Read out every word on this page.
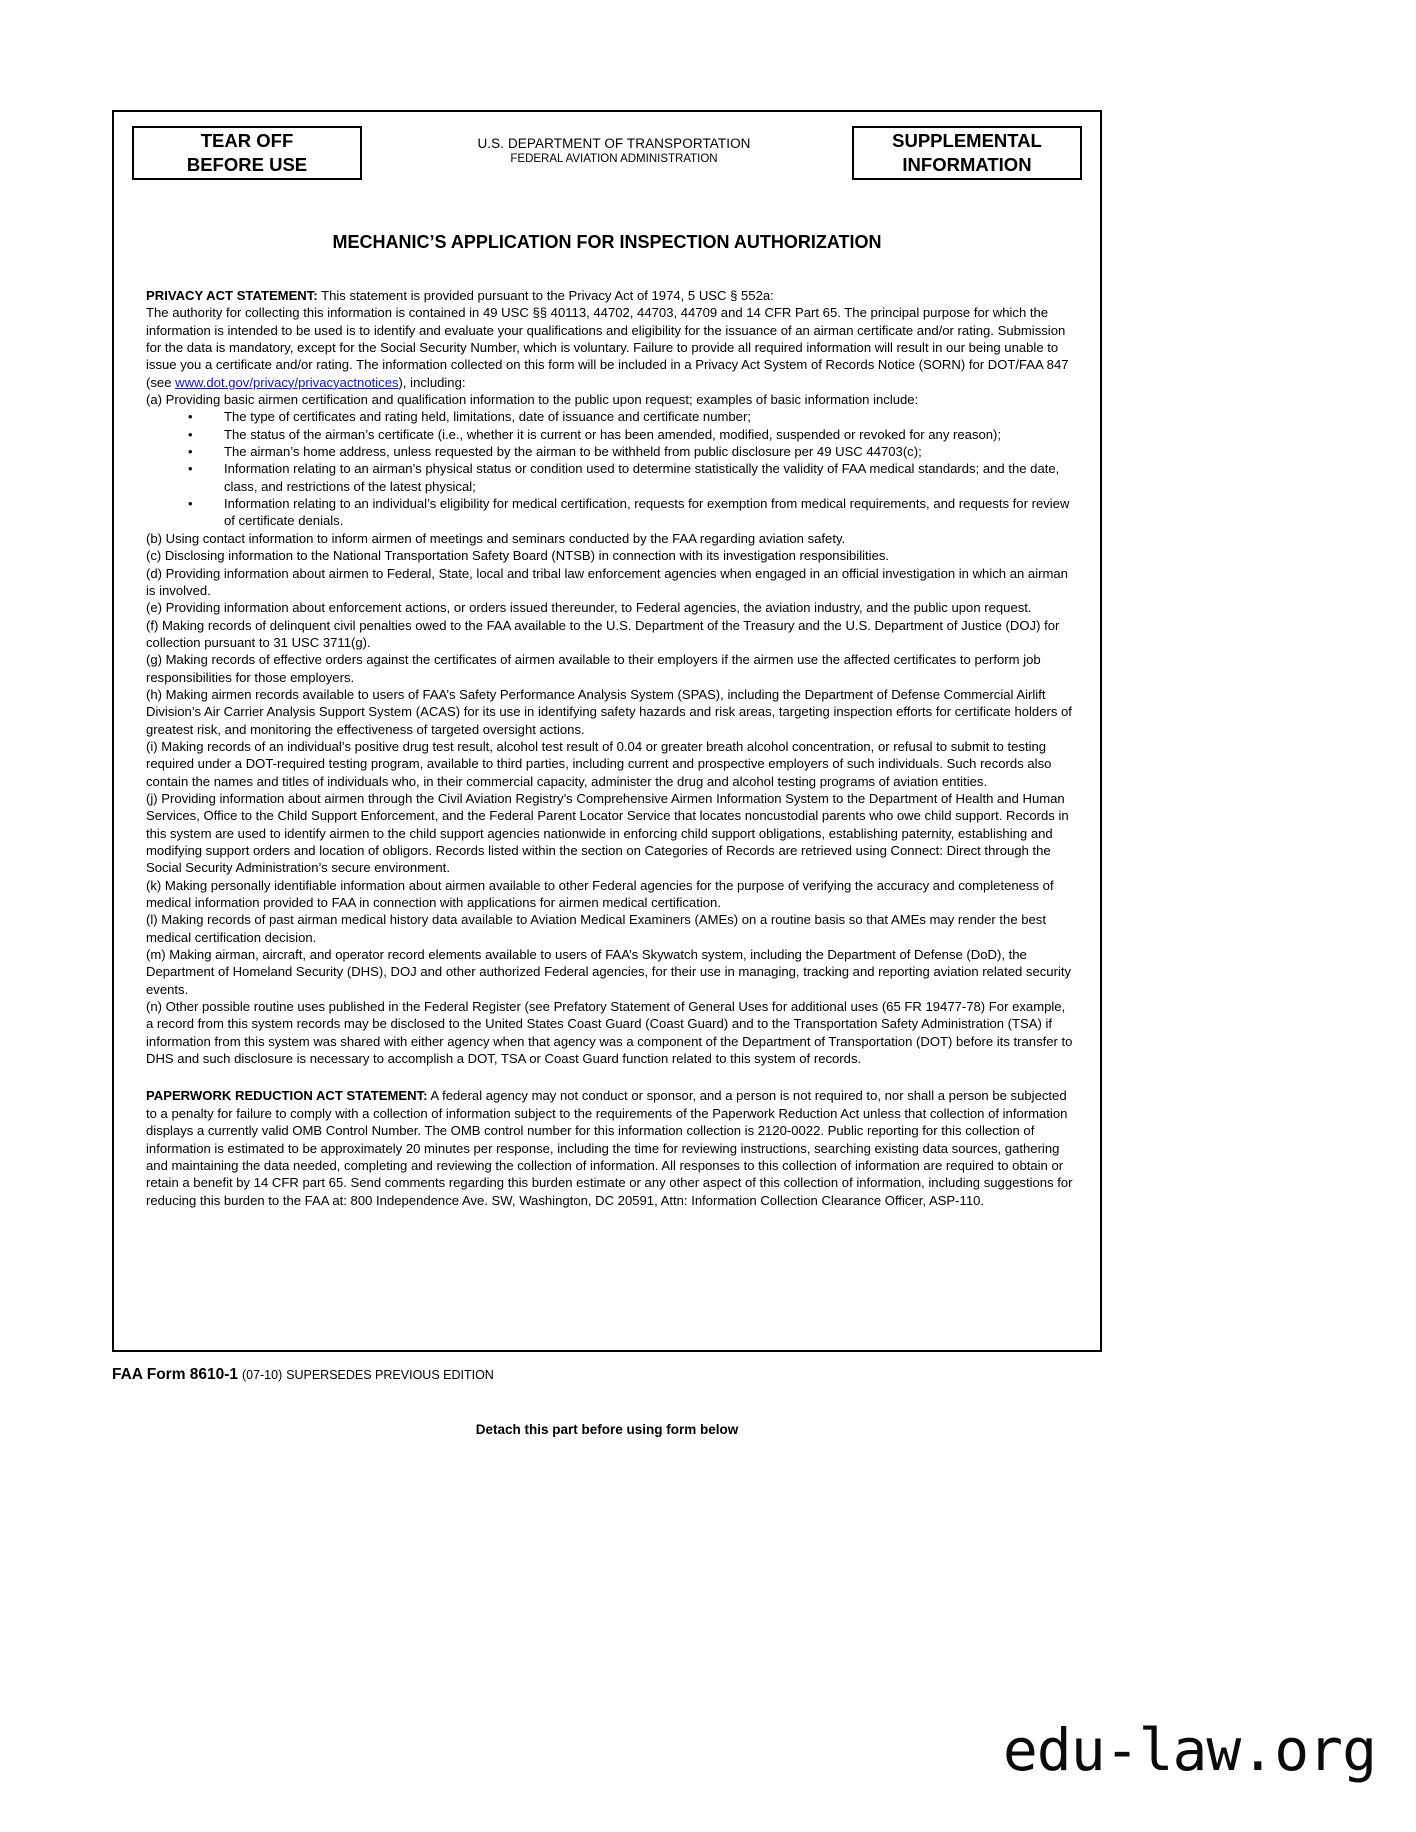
TEAR OFF
BEFORE USE
U.S. DEPARTMENT OF TRANSPORTATION
FEDERAL AVIATION ADMINISTRATION
SUPPLEMENTAL
INFORMATION
MECHANIC’S APPLICATION FOR INSPECTION AUTHORIZATION

PRIVACY ACT STATEMENT: This statement is provided pursuant to the Privacy Act of 1974, 5 USC § 552a:

The authority for collecting this information is contained in 49 USC §§ 40113, 44702, 44703, 44709 and 14 CFR Part 65. The principal purpose for which the information is intended to be used is to identify and evaluate your qualifications and eligibility for the issuance of an airman certificate and/or rating. Submission for the data is mandatory, except for the Social Security Number, which is voluntary. Failure to provide all required information will result in our being unable to issue you a certificate and/or rating. The information collected on this form will be included in a Privacy Act System of Records Notice (SORN) for DOT/FAA 847 (see www.dot.gov/privacy/privacyactnotices), including:

(a) Providing basic airmen certification and qualification information to the public upon request; examples of basic information include:

• The type of certificates and rating held, limitations, date of issuance and certificate number;
• The status of the airman’s certificate (i.e., whether it is current or has been amended, modified, suspended or revoked for any reason);
• The airman’s home address, unless requested by the airman to be withheld from public disclosure per 49 USC 44703(c);
• Information relating to an airman’s physical status or condition used to determine statistically the validity of FAA medical standards; and the date, class, and restrictions of the latest physical;
• Information relating to an individual’s eligibility for medical certification, requests for exemption from medical requirements, and requests for review of certificate denials.

(b) Using contact information to inform airmen of meetings and seminars conducted by the FAA regarding aviation safety.

(c) Disclosing information to the National Transportation Safety Board (NTSB) in connection with its investigation responsibilities.

(d) Providing information about airmen to Federal, State, local and tribal law enforcement agencies when engaged in an official investigation in which an airman is involved.

(e) Providing information about enforcement actions, or orders issued thereunder, to Federal agencies, the aviation industry, and the public upon request.

(f) Making records of delinquent civil penalties owed to the FAA available to the U.S. Department of the Treasury and the U.S. Department of Justice (DOJ) for collection pursuant to 31 USC 3711(g).

(g) Making records of effective orders against the certificates of airmen available to their employers if the airmen use the affected certificates to perform job responsibilities for those employers.

(h) Making airmen records available to users of FAA’s Safety Performance Analysis System (SPAS), including the Department of Defense Commercial Airlift Division’s Air Carrier Analysis Support System (ACAS) for its use in identifying safety hazards and risk areas, targeting inspection efforts for certificate holders of greatest risk, and monitoring the effectiveness of targeted oversight actions.

(i) Making records of an individual’s positive drug test result, alcohol test result of 0.04 or greater breath alcohol concentration, or refusal to submit to testing required under a DOT-required testing program, available to third parties, including current and prospective employers of such individuals. Such records also contain the names and titles of individuals who, in their commercial capacity, administer the drug and alcohol testing programs of aviation entities.

(j) Providing information about airmen through the Civil Aviation Registry’s Comprehensive Airmen Information System to the Department of Health and Human Services, Office to the Child Support Enforcement, and the Federal Parent Locator Service that locates noncustodial parents who owe child support. Records in this system are used to identify airmen to the child support agencies nationwide in enforcing child support obligations, establishing paternity, establishing and modifying support orders and location of obligors. Records listed within the section on Categories of Records are retrieved using Connect: Direct through the Social Security Administration’s secure environment.

(k) Making personally identifiable information about airmen available to other Federal agencies for the purpose of verifying the accuracy and completeness of medical information provided to FAA in connection with applications for airmen medical certification.

(l) Making records of past airman medical history data available to Aviation Medical Examiners (AMEs) on a routine basis so that AMEs may render the best medical certification decision.

(m) Making airman, aircraft, and operator record elements available to users of FAA’s Skywatch system, including the Department of Defense (DoD), the Department of Homeland Security (DHS), DOJ and other authorized Federal agencies, for their use in managing, tracking and reporting aviation related security events.

(n) Other possible routine uses published in the Federal Register (see Prefatory Statement of General Uses for additional uses (65 FR 19477-78) For example, a record from this system records may be disclosed to the United States Coast Guard (Coast Guard) and to the Transportation Safety Administration (TSA) if information from this system was shared with either agency when that agency was a component of the Department of Transportation (DOT) before its transfer to DHS and such disclosure is necessary to accomplish a DOT, TSA or Coast Guard function related to this system of records.

PAPERWORK REDUCTION ACT STATEMENT: A federal agency may not conduct or sponsor, and a person is not required to, nor shall a person be subjected to a penalty for failure to comply with a collection of information subject to the requirements of the Paperwork Reduction Act unless that collection of information displays a currently valid OMB Control Number. The OMB control number for this information collection is 2120-0022. Public reporting for this collection of information is estimated to be approximately 20 minutes per response, including the time for reviewing instructions, searching existing data sources, gathering and maintaining the data needed, completing and reviewing the collection of information. All responses to this collection of information are required to obtain or retain a benefit by 14 CFR part 65. Send comments regarding this burden estimate or any other aspect of this collection of information, including suggestions for reducing this burden to the FAA at: 800 Independence Ave. SW, Washington, DC 20591, Attn: Information Collection Clearance Officer, ASP-110.

FAA Form 8610-1 (07-10) SUPERSEDES PREVIOUS EDITION
Detach this part before using form below
edu-law.org
